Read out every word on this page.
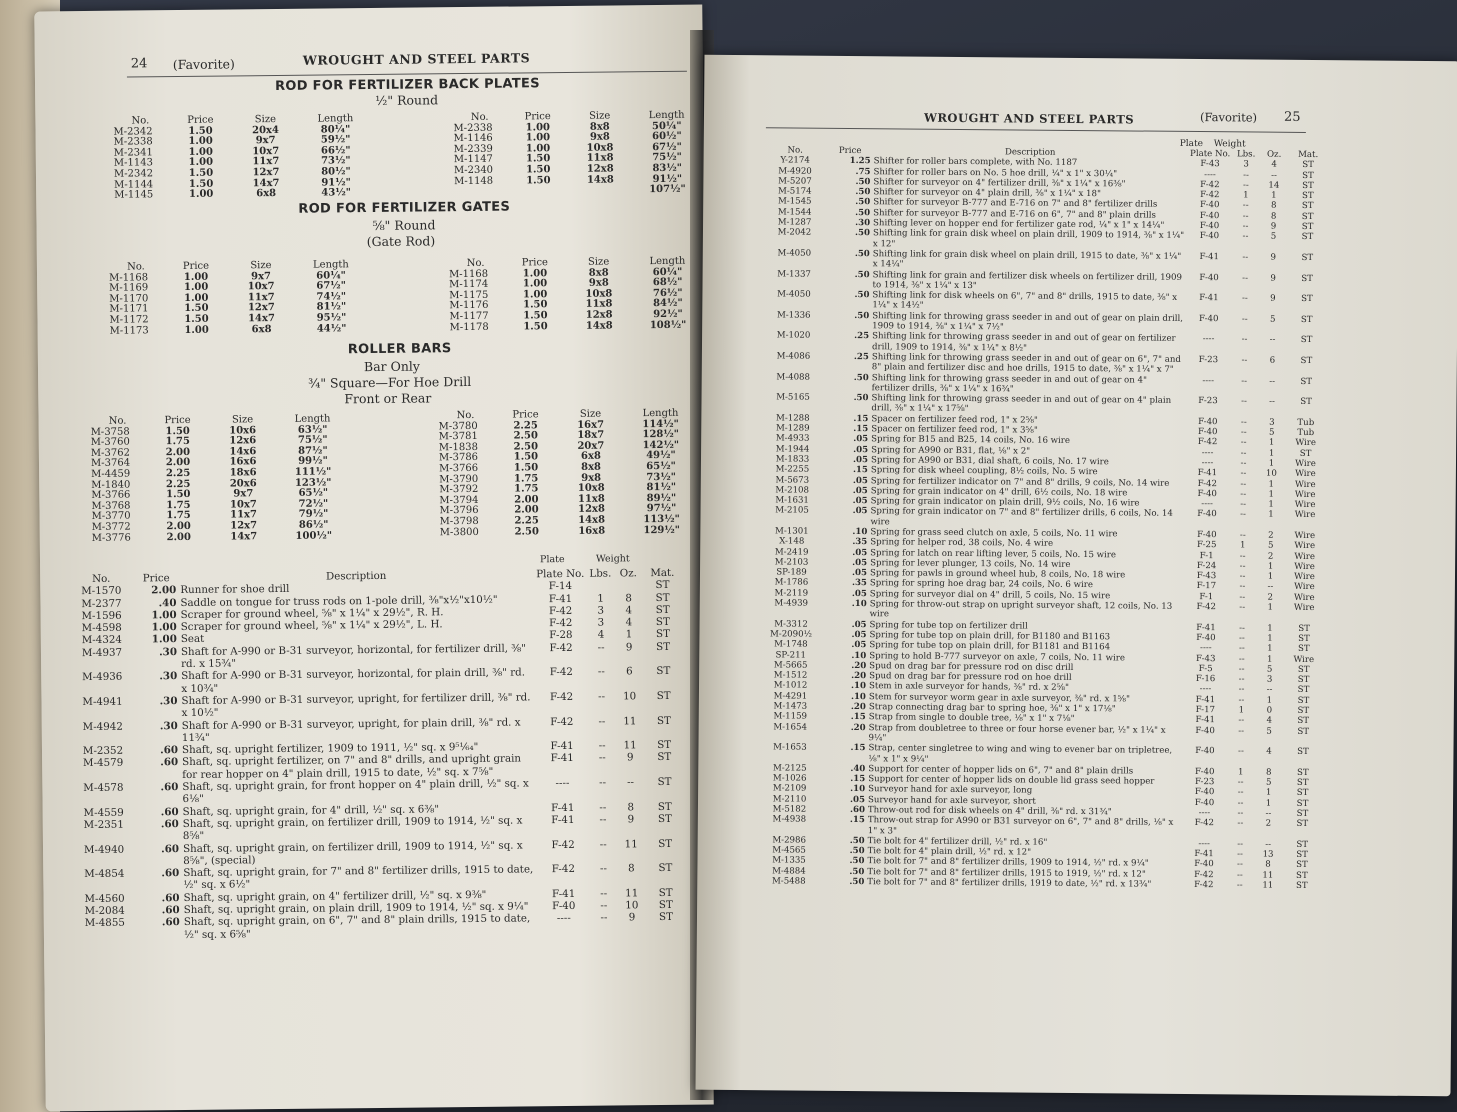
24 (Favorite)	WROUGHT AND STEEL PARTS
ROD FOR FERTILIZER BACK PLATES
½" Round
No.	Price	Size	Length
M-2342	1.50	20x4	80¼"
M-2338	1.00	9x7	59½"
M-2341	1.00	10x7	66½"
M-1143	1.00	11x7	73½"
M-2342	1.50	12x7	80½"
M-1144	1.50	14x7	91½"
M-1145	1.00	6x8	43½"
No.	Price	Size	Length
M-2338	1.00	8x8	50¼"
M-1146	1.00	9x8	60½"
M-2339	1.00	10x8	67½"
M-1147	1.50	11x8	75½"
M-2340	1.50	12x8	83½"
M-1148	1.50	14x8	91½"
			107½"
ROD FOR FERTILIZER GATES
⅝" Round
(Gate Rod)
No.	Price	Size	Length
M-1168	1.00	9x7	60¼"
M-1169	1.00	10x7	67½"
M-1170	1.00	11x7	74½"
M-1171	1.50	12x7	81½"
M-1172	1.50	14x7	95½"
M-1173	1.00	6x8	44½"
No.	Price	Size	Length
M-1168	1.00	8x8	60¼"
M-1174	1.00	9x8	68½"
M-1175	1.00	10x8	76½"
M-1176	1.50	11x8	84½"
M-1177	1.50	12x8	92½"
M-1178	1.50	14x8	108½"
ROLLER BARS
Bar Only
¾" Square—For Hoe Drill
Front or Rear
No.	Price	Size	Length
M-3758	1.50	10x6	63½"
M-3760	1.75	12x6	75½"
M-3762	2.00	14x6	87½"
M-3764	2.00	16x6	99½"
M-4459	2.25	18x6	111½"
M-1840	2.25	20x6	123½"
M-3766	1.50	9x7	65½"
M-3768	1.75	10x7	72½"
M-3770	1.75	11x7	79½"
M-3772	2.00	12x7	86½"
M-3776	2.00	14x7	100½"
No.	Price	Size	Length
M-3780	2.25	16x7	114½"
M-3781	2.50	18x7	128½"
M-1838	2.50	20x7	142½"
M-3786	1.50	6x8	49½"
M-3766	1.50	8x8	65½"
M-3790	1.75	9x8	73½"
M-3792	1.75	10x8	81½"
M-3794	2.00	11x8	89½"
M-3796	2.00	12x8	97½"
M-3798	2.25	14x8	113½"
M-3800	2.50	16x8	129½"
Plate	Weight
No.	Price	Description	Plate No.	Lbs.	Oz.	Mat.
M-1570	2.00	Runner for shoe drill	F-14			ST
M-2377	.40	Saddle on tongue for truss rods on 1-pole drill, ⅜"x½"x10½"	F-41	1	8	ST
M-1596	1.00	Scraper for ground wheel, ⅝" x 1¼" x 29½", R. H.	F-42	3	4	ST
M-4598	1.00	Scraper for ground wheel, ⅝" x 1¼" x 29½", L. H.	F-42	3	4	ST
M-4324	1.00	Seat	F-28	4	1	ST
M-4937	.30	Shaft for A-990 or B-31 surveyor, horizontal, for fertilizer drill, ⅜" rd. x 15¾"	F-42	--	9	ST
M-4936	.30	Shaft for A-990 or B-31 surveyor, horizontal, for plain drill, ⅜" rd. x 10¾"	F-42	--	6	ST
M-4941	.30	Shaft for A-990 or B-31 surveyor, upright, for fertilizer drill, ⅜" rd. x 10½"	F-42	--	10	ST
M-4942	.30	Shaft for A-990 or B-31 surveyor, upright, for plain drill, ⅜" rd. x 11¾"	F-42	--	11	ST
M-2352	.60	Shaft, sq. upright fertilizer, 1909 to 1911, ½" sq. x 9⁵¹⁄₆₄"	F-41	--	11	ST
M-4579	.60	Shaft, sq. upright fertilizer, on 7" and 8" drills, and upright grain for rear hopper on 4" plain drill, 1915 to date, ½" sq. x 7⅝"	F-41	--	9	ST
M-4578	.60	Shaft, sq. upright grain, for front hopper on 4" plain drill, ½" sq. x 6⅛"	----	--	--	ST
M-4559	.60	Shaft, sq. upright grain, for 4" drill, ½" sq. x 6⅜"	F-41	--	8	ST
M-2351	.60	Shaft, sq. upright grain, on fertilizer drill, 1909 to 1914, ½" sq. x 8⅝"	F-41	--	9	ST
M-4940	.60	Shaft, sq. upright grain, on fertilizer drill, 1909 to 1914, ½" sq. x 8⅝", (special)	F-42	--	11	ST
M-4854	.60	Shaft, sq. upright grain, for 7" and 8" fertilizer drills, 1915 to date, ½" sq. x 6½"	F-42	--	8	ST
M-4560	.60	Shaft, sq. upright grain, on 4" fertilizer drill, ½" sq. x 9⅜"	F-41	--	11	ST
M-2084	.60	Shaft, sq. upright grain, on plain drill, 1909 to 1914, ½" sq. x 9¼"	F-40	--	10	ST
M-4855	.60	Shaft, sq. upright grain, on 6", 7" and 8" plain drills, 1915 to date, ½" sq. x 6⅝"	----	--	9	ST
WROUGHT AND STEEL PARTS	(Favorite) 25
Plate Weight
No.	Price	Description	Plate No.	Lbs.	Oz.	Mat.
Y-2174	1.25	Shifter for roller bars complete, with No. 1187	F-43	3	4	ST
M-4920	.75	Shifter for roller bars on No. 5 hoe drill, ¼" x 1" x 30¼"	----	--	--	ST
M-5207	.50	Shifter for surveyor on 4" fertilizer drill, ⅜" x 1¼" x 16⅜"	F-42	--	14	ST
M-5174	.50	Shifter for surveyor on 4" plain drill, ⅜" x 1¼" x 18"	F-42	1	1	ST
M-1545	.50	Shifter for surveyor B-777 and E-716 on 7" and 8" fertilizer drills	F-40	--	8	ST
M-1544	.50	Shifter for surveyor B-777 and E-716 on 6", 7" and 8" plain drills	F-40	--	8	ST
M-1287	.30	Shifting lever on hopper end for fertilizer gate rod, ¼" x 1" x 14¼"	F-40	--	9	ST
M-2042	.50	Shifting link for grain disk wheel on plain drill, 1909 to 1914, ⅜" x 1¼" x 12"	F-40	--	5	ST
M-4050	.50	Shifting link for grain disk wheel on plain drill, 1915 to date, ⅜" x 1¼" x 14¼"	F-41	--	9	ST
M-1337	.50	Shifting link for grain and fertilizer disk wheels on fertilizer drill, 1909 to 1914, ⅜" x 1¼" x 13"	F-40	--	9	ST
M-4050	.50	Shifting link for disk wheels on 6", 7" and 8" drills, 1915 to date, ⅜" x 1¼" x 14½"	F-41	--	9	ST
M-1336	.50	Shifting link for throwing grass seeder in and out of gear on plain drill, 1909 to 1914, ⅜" x 1¼" x 7½"	F-40	--	5	ST
M-1020	.25	Shifting link for throwing grass seeder in and out of gear on fertilizer drill, 1909 to 1914, ⅜" x 1¼" x 8½"	----	--	--	ST
M-4086	.25	Shifting link for throwing grass seeder in and out of gear on 6", 7" and 8" plain and fertilizer disc and hoe drills, 1915 to date, ⅜" x 1¼" x 7"	F-23	--	6	ST
M-4088	.50	Shifting link for throwing grass seeder in and out of gear on 4" fertilizer drills, ⅜" x 1¼" x 16¾"	----	--	--	ST
M-5165	.50	Shifting link for throwing grass seeder in and out of gear on 4" plain drill, ⅜" x 1¼" x 17⅝"	F-23	--	--	ST
M-1288	.15	Spacer on fertilizer feed rod, 1" x 2⅝"	F-40	--	3	Tub
M-1289	.15	Spacer on fertilizer feed rod, 1" x 3⅝"	F-40	--	5	Tub
M-4933	.05	Spring for B15 and B25, 14 coils, No. 16 wire	F-42	--	1	Wire
M-1944	.05	Spring for A990 or B31, flat, ⅛" x 2"	----	--	1	ST
M-1833	.05	Spring for A990 or B31, dial shaft, 6 coils, No. 17 wire	----	--	1	Wire
M-2255	.15	Spring for disk wheel coupling, 8½ coils, No. 5 wire	F-41	--	10	Wire
M-5673	.05	Spring for fertilizer indicator on 7" and 8" drills, 9 coils, No. 14 wire	F-42	--	1	Wire
M-2108	.05	Spring for grain indicator on 4" drill, 6½ coils, No. 18 wire	F-40	--	1	Wire
M-1631	.05	Spring for grain indicator on plain drill, 9½ coils, No. 16 wire	----	--	1	Wire
M-2105	.05	Spring for grain indicator on 7" and 8" fertilizer drills, 6 coils, No. 14 wire	F-40	--	1	Wire
M-1301	.10	Spring for grass seed clutch on axle, 5 coils, No. 11 wire	F-40	--	2	Wire
X-148	.35	Spring for helper rod, 38 coils, No. 4 wire	F-25	1	5	Wire
M-2419	.05	Spring for latch on rear lifting lever, 5 coils, No. 15 wire	F-1	--	2	Wire
M-2103	.05	Spring for lever plunger, 13 coils, No. 14 wire	F-24	--	1	Wire
SP-189	.05	Spring for pawls in ground wheel hub, 8 coils, No. 18 wire	F-43	--	1	Wire
M-1786	.35	Spring for spring hoe drag bar, 24 coils, No. 6 wire	F-17	--	--	Wire
M-2119	.05	Spring for surveyor dial on 4" drill, 5 coils, No. 15 wire	F-1	--	2	Wire
M-4939	.10	Spring for throw-out strap on upright surveyor shaft, 12 coils, No. 13 wire	F-42	--	1	Wire
M-3312	.05	Spring for tube top on fertilizer drill	F-41	--	1	ST
M-2090½	.05	Spring for tube top on plain drill, for B1180 and B1163	F-40	--	1	ST
M-1748	.05	Spring for tube top on plain drill, for B1181 and B1164	----	--	1	ST
SP-211	.10	Spring to hold B-777 surveyor on axle, 7 coils, No. 11 wire	F-43	--	1	Wire
M-5665	.20	Spud on drag bar for pressure rod on disc drill	F-5	--	5	ST
M-1512	.20	Spud on drag bar for pressure rod on hoe drill	F-16	--	3	ST
M-1012	.10	Stem in axle surveyor for hands, ⅜" rd. x 2⅝"	----	--	--	ST
M-4291	.10	Stem for surveyor worm gear in axle surveyor, ⅜" rd. x 1⅝"	F-41	--	1	ST
M-1473	.20	Strap connecting drag bar to spring hoe, ⅜" x 1" x 17⅛"	F-17	1	0	ST
M-1159	.15	Strap from single to double tree, ⅛" x 1" x 7⅛"	F-41	--	4	ST
M-1654	.20	Strap from doubletree to three or four horse evener bar, ½" x 1¼" x 9¼"	F-40	--	5	ST
M-1653	.15	Strap, center singletree to wing and wing to evener bar on tripletree, ⅛" x 1" x 9¼"	F-40	--	4	ST
M-2125	.40	Support for center of hopper lids on 6", 7" and 8" plain drills	F-40	1	8	ST
M-1026	.15	Support for center of hopper lids on double lid grass seed hopper	F-23	--	5	ST
M-2109	.10	Surveyor hand for axle surveyor, long	F-40	--	1	ST
M-2110	.05	Surveyor hand for axle surveyor, short	F-40	--	1	ST
M-5182	.60	Throw-out rod for disk wheels on 4" drill, ⅜" rd. x 31¾"	----	--	--	ST
M-4938	.15	Throw-out strap for A990 or B31 surveyor on 6", 7" and 8" drills, ⅛" x 1" x 3"	F-42	--	2	ST
M-2986	.50	Tie bolt for 4" fertilizer drill, ½" rd. x 16"	----	--	--	ST
M-4565	.50	Tie bolt for 4" plain drill, ½" rd. x 12"	F-41	--	13	ST
M-1335	.50	Tie bolt for 7" and 8" fertilizer drills, 1909 to 1914, ½" rd. x 9¼"	F-40	--	8	ST
M-4884	.50	Tie bolt for 7" and 8" fertilizer drills, 1915 to 1919, ½" rd. x 12"	F-42	--	11	ST
M-5488	.50	Tie bolt for 7" and 8" fertilizer drills, 1919 to date, ½" rd. x 13¾"	F-42	--	11	ST
